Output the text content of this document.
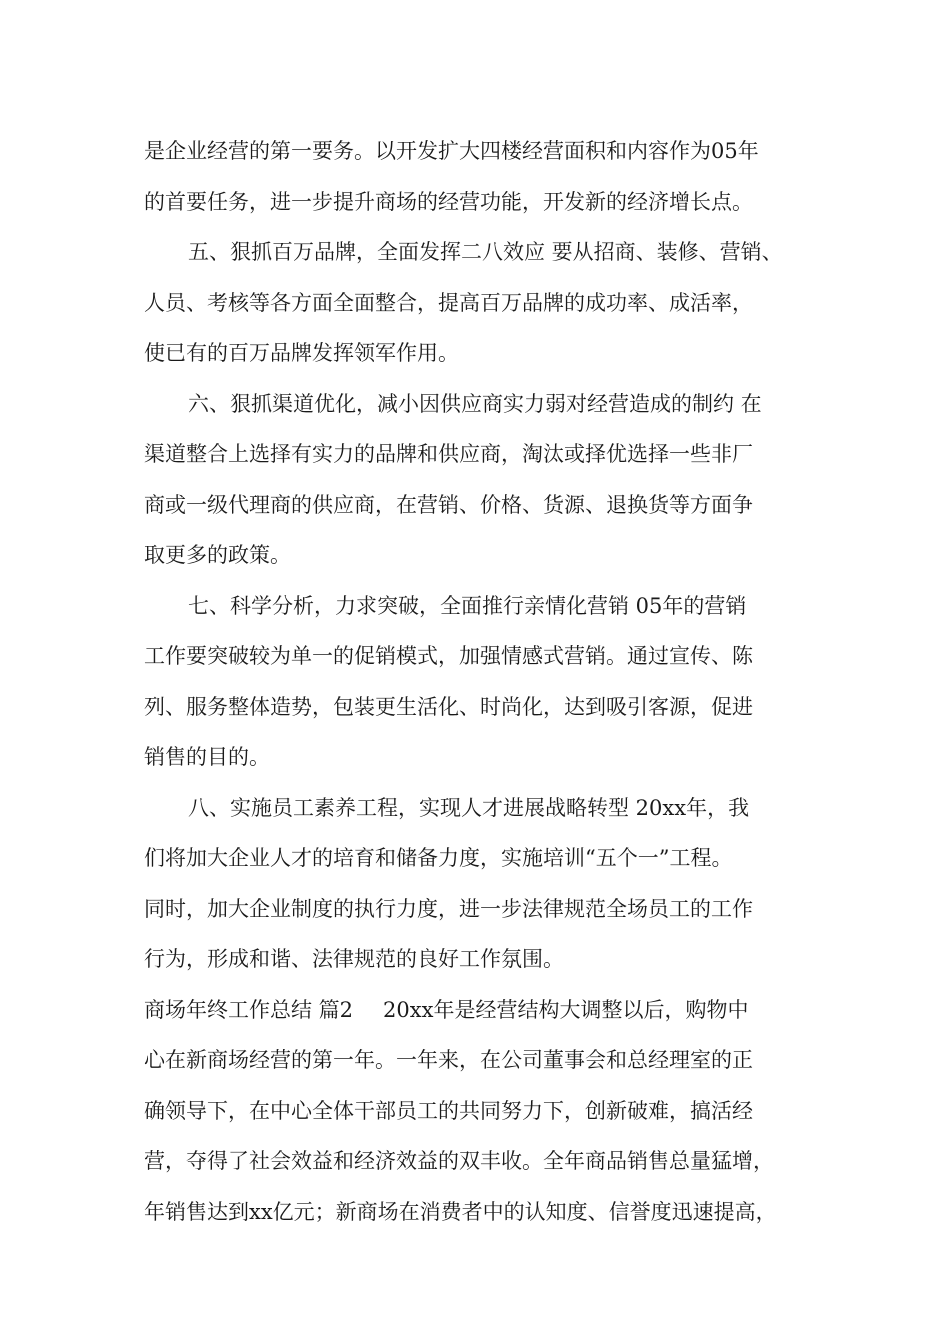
是企业经营的第一要务。以开发扩大四楼经营面积和内容作为05年
的首要任务，进一步提升商场的经营功能，开发新的经济增长点。
五、狠抓百万品牌，全面发挥二八效应 要从招商、装修、营销、
人员、考核等各方面全面整合，提高百万品牌的成功率、成活率，
使已有的百万品牌发挥领军作用。
六、狠抓渠道优化，减小因供应商实力弱对经营造成的制约 在
渠道整合上选择有实力的品牌和供应商，淘汰或择优选择一些非厂
商或一级代理商的供应商，在营销、价格、货源、退换货等方面争
取更多的政策。
七、科学分析，力求突破，全面推行亲情化营销 05年的营销
工作要突破较为单一的促销模式，加强情感式营销。通过宣传、陈
列、服务整体造势，包装更生活化、时尚化，达到吸引客源，促进
销售的目的。
八、实施员工素养工程，实现人才进展战略转型 20xx年，我
们将加大企业人才的培育和储备力度，实施培训“五个一”工程。
同时，加大企业制度的执行力度，进一步法律规范全场员工的工作
行为，形成和谐、法律规范的良好工作氛围。
商场年终工作总结 篇2 20xx年是经营结构大调整以后，购物中
心在新商场经营的第一年。一年来，在公司董事会和总经理室的正
确领导下，在中心全体干部员工的共同努力下，创新破难，搞活经
营，夺得了社会效益和经济效益的双丰收。全年商品销售总量猛增，
年销售达到xx亿元；新商场在消费者中的认知度、信誉度迅速提高，
